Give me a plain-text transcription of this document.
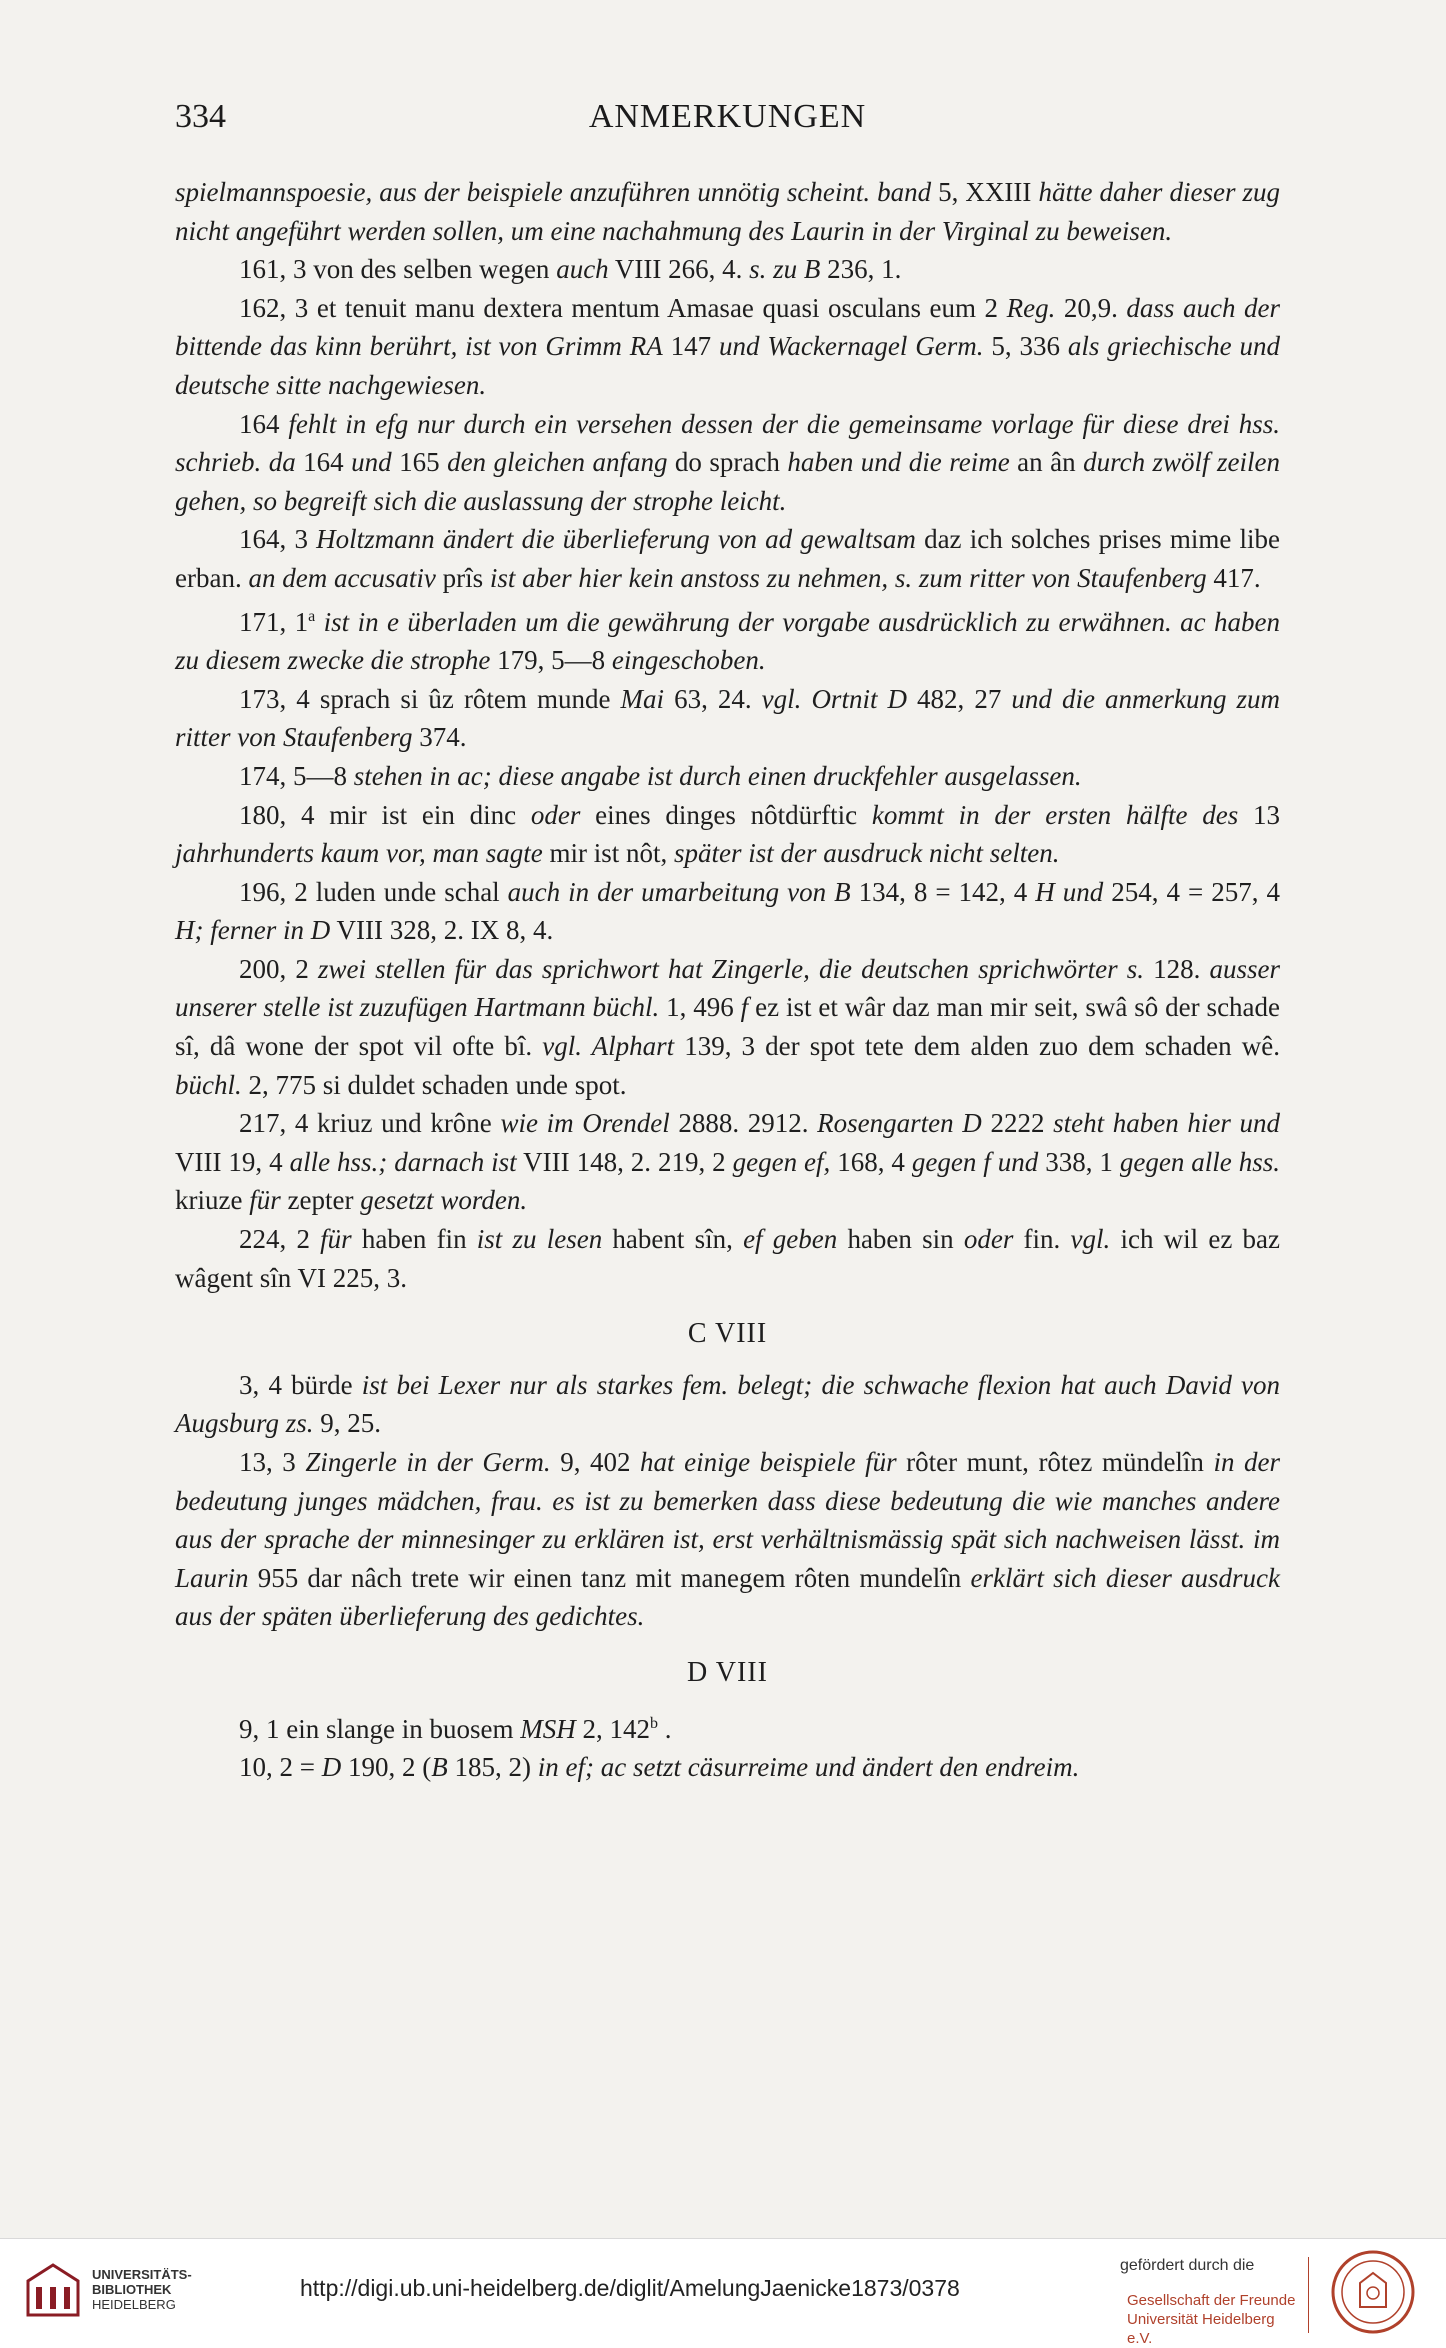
334	ANMERKUNGEN

spielmannspoesie, aus der beispiele anzuführen unnötig scheint. band 5, XXIII hätte daher dieser zug nicht angeführt werden sollen, um eine nachahmung des Laurin in der Virginal zu beweisen.

161, 3 von des selben wegen auch VIII 266, 4. s. zu B 236, 1.

162, 3 et tenuit manu dextera mentum Amasae quasi osculans eum 2 Reg. 20,9. dass auch der bittende das kinn berührt, ist von Grimm RA 147 und Wackernagel Germ. 5, 336 als griechische und deutsche sitte nachgewiesen.

164 fehlt in efg nur durch ein versehen dessen der die gemeinsame vorlage für diese drei hss. schrieb. da 164 und 165 den gleichen anfang do sprach haben und die reime an ân durch zwölf zeilen gehen, so begreift sich die auslassung der strophe leicht.

164, 3 Holtzmann ändert die überlieferung von ad gewaltsam daz ich solches prises mime libe erban. an dem accusativ prîs ist aber hier kein anstoss zu nehmen, s. zum ritter von Staufenberg 417.

171, 1$^a$ ist in e überladen um die gewährung der vorgabe ausdrücklich zu erwähnen. ac haben zu diesem zwecke die strophe 179, 5—8 eingeschoben.

173, 4 sprach si ûz rôtem munde Mai 63, 24. vgl. Ortnit D 482, 27 und die anmerkung zum ritter von Staufenberg 374.

174, 5—8 stehen in ac; diese angabe ist durch einen druckfehler ausgelassen.

180, 4 mir ist ein dinc oder eines dinges nôtdürftic kommt in der ersten hälfte des 13 jahrhunderts kaum vor, man sagte mir ist nôt, später ist der ausdruck nicht selten.

196, 2 luden unde schal auch in der umarbeitung von B 134, 8 = 142, 4 H und 254, 4 = 257, 4 H; ferner in D VIII 328, 2. IX 8, 4.

200, 2 zwei stellen für das sprichwort hat Zingerle, die deutschen sprichwörter s. 128. ausser unserer stelle ist zuzufügen Hartmann büchl. 1, 496 f ez ist et wâr daz man mir seit, swâ sô der schade sî, dâ wone der spot vil ofte bî. vgl. Alphart 139, 3 der spot tete dem alden zuo dem schaden wê. büchl. 2, 775 si duldet schaden unde spot.

217, 4 kriuz und krône wie im Orendel 2888. 2912. Rosengarten D 2222 steht haben hier und VIII 19, 4 alle hss.; darnach ist VIII 148, 2. 219, 2 gegen ef, 168, 4 gegen f und 338, 1 gegen alle hss. kriuze für zepter gesetzt worden.

224, 2 für haben fin ist zu lesen habent sîn, ef geben haben sin oder fin. vgl. ich wil ez baz wâgent sîn VI 225, 3.

C VIII

3, 4 bürde ist bei Lexer nur als starkes fem. belegt; die schwache flexion hat auch David von Augsburg zs. 9, 25.

13, 3 Zingerle in der Germ. 9, 402 hat einige beispiele für rôter munt, rôtez mündelîn in der bedeutung junges mädchen, frau. es ist zu bemerken dass diese bedeutung die wie manches andere aus der sprache der minnesinger zu erklären ist, erst verhältnismässig spät sich nachweisen lässt. im Laurin 955 dar nâch trete wir einen tanz mit manegem rôten mundelîn erklärt sich dieser ausdruck aus der späten überlieferung des gedichtes.

D VIII

9, 1 ein slange in buosem MSH 2, 142$^b$ .

10, 2 = D 190, 2 (B 185, 2) in ef; ac setzt cäsurreime und ändert den endreim.

UNIVERSITÄTS-
BIBLIOTHEK
HEIDELBERG
http://digi.ub.uni-heidelberg.de/diglit/AmelungJaenicke1873/0378
gefördert durch die
Gesellschaft der Freunde
Universität Heidelberg e.V.
